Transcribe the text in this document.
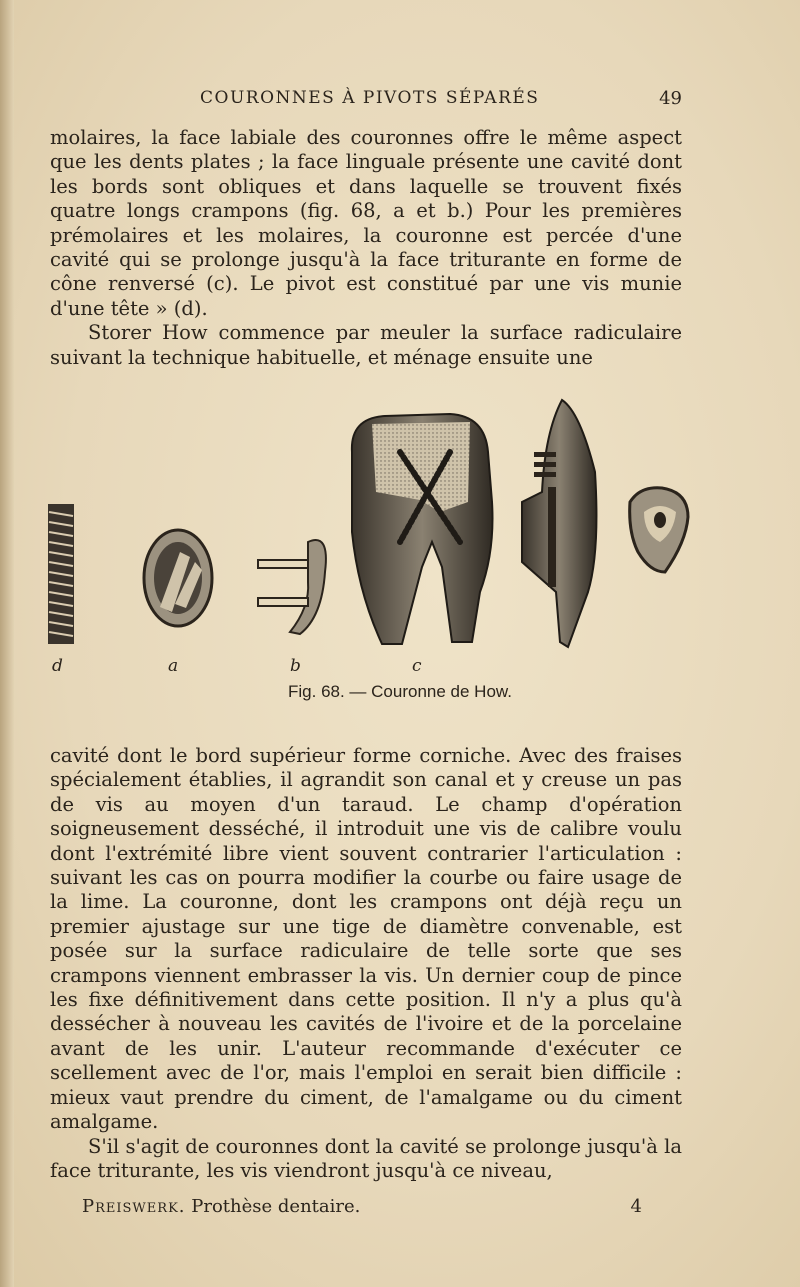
COURONNES À PIVOTS SÉPARÉS	49

molaires, la face labiale des couronnes offre le même aspect que les dents plates ; la face linguale présente une cavité dont les bords sont obliques et dans laquelle se trouvent fixés quatre longs crampons (fig. 68, a et b.) Pour les premières prémolaires et les molaires, la couronne est percée d'une cavité qui se prolonge jusqu'à la face triturante en forme de cône renversé (c). Le pivot est constitué par une vis munie d'une tête » (d).

Storer How commence par meuler la surface radiculaire suivant la technique habituelle, et ménage ensuite une

d	a	b	c
Fig. 68. — Couronne de How.

cavité dont le bord supérieur forme corniche. Avec des fraises spécialement établies, il agrandit son canal et y creuse un pas de vis au moyen d'un taraud. Le champ d'opération soigneusement desséché, il introduit une vis de calibre voulu dont l'extrémité libre vient souvent contrarier l'articulation : suivant les cas on pourra modifier la courbe ou faire usage de la lime. La couronne, dont les crampons ont déjà reçu un premier ajustage sur une tige de diamètre convenable, est posée sur la surface radiculaire de telle sorte que ses crampons viennent embrasser la vis. Un dernier coup de pince les fixe définitivement dans cette position. Il n'y a plus qu'à dessécher à nouveau les cavités de l'ivoire et de la porcelaine avant de les unir. L'auteur recommande d'exécuter ce scellement avec de l'or, mais l'emploi en serait bien difficile : mieux vaut prendre du ciment, de l'amalgame ou du ciment amalgame.

S'il s'agit de couronnes dont la cavité se prolonge jusqu'à la face triturante, les vis viendront jusqu'à ce niveau,

Preiswerk. Prothèse dentaire.	4
